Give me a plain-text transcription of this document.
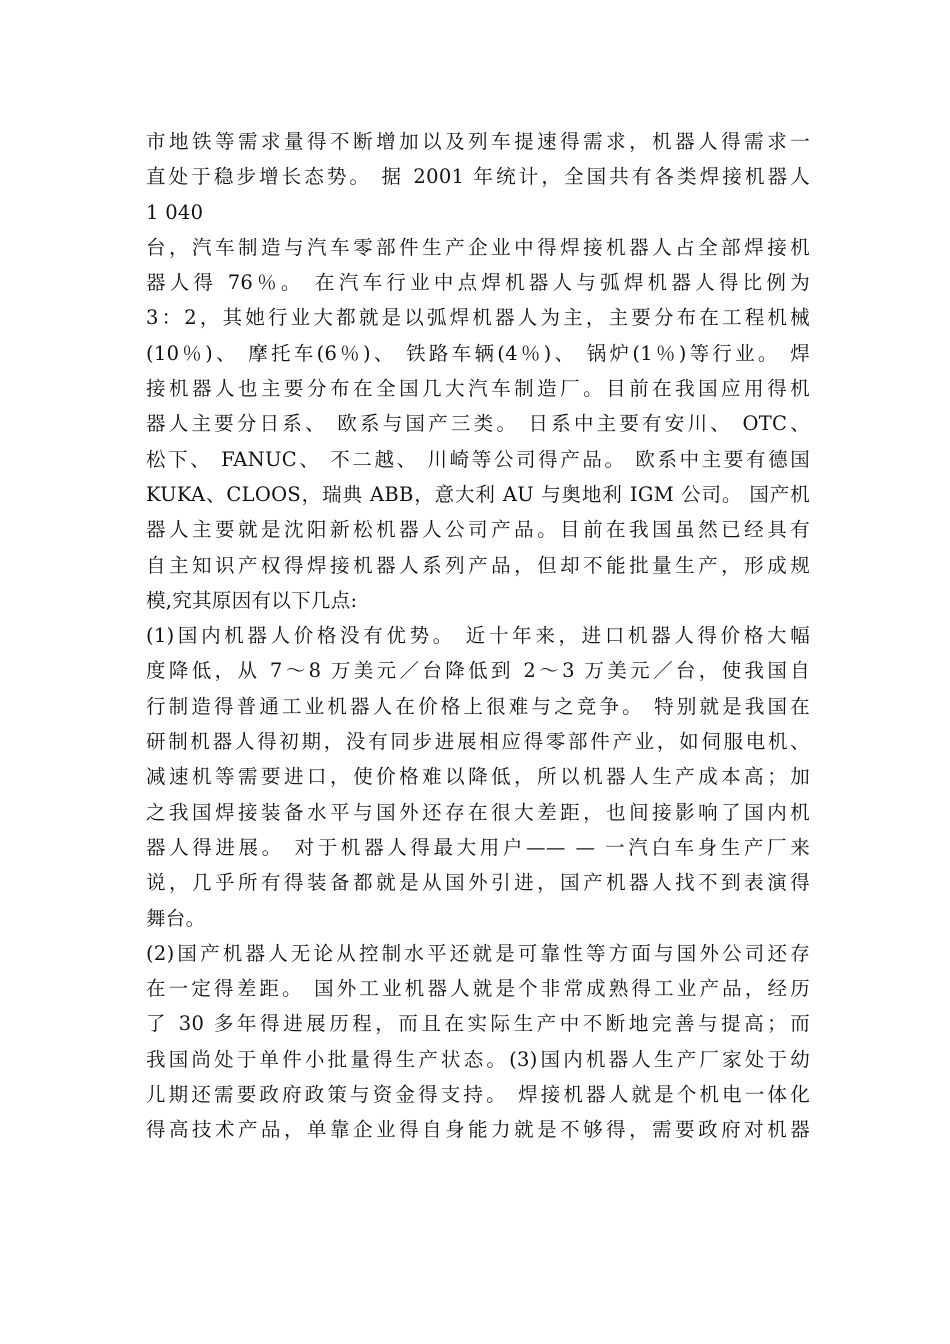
市地铁等需求量得不断增加以及列车提速得需求，机器人得需求一
直处于稳步增长态势。 据 2001 年统计，全国共有各类焊接机器人
1 040
台，汽车制造与汽车零部件生产企业中得焊接机器人占全部焊接机
器人得 76％。 在汽车行业中点焊机器人与弧焊机器人得比例为
3：2，其她行业大都就是以弧焊机器人为主，主要分布在工程机械
(10％)、 摩托车(6％)、 铁路车辆(4％)、 锅炉(1％)等行业。 焊
接机器人也主要分布在全国几大汽车制造厂。目前在我国应用得机
器人主要分日系、 欧系与国产三类。 日系中主要有安川、 OTC、
松下、 FANUC、 不二越、 川崎等公司得产品。 欧系中主要有德国
KUKA、CLOOS，瑞典 ABB，意大利 AU 与奥地利 IGM 公司。 国产机
器人主要就是沈阳新松机器人公司产品。目前在我国虽然已经具有
自主知识产权得焊接机器人系列产品，但却不能批量生产，形成规
模,究其原因有以下几点:
(1)国内机器人价格没有优势。 近十年来，进口机器人得价格大幅
度降低，从 7～8 万美元／台降低到 2～3 万美元／台，使我国自
行制造得普通工业机器人在价格上很难与之竞争。 特别就是我国在
研制机器人得初期，没有同步进展相应得零部件产业，如伺服电机、
减速机等需要进口，使价格难以降低，所以机器人生产成本高；加
之我国焊接装备水平与国外还存在很大差距，也间接影响了国内机
器人得进展。 对于机器人得最大用户—— — 一汽白车身生产厂来
说，几乎所有得装备都就是从国外引进，国产机器人找不到表演得
舞台。
(2)国产机器人无论从控制水平还就是可靠性等方面与国外公司还存
在一定得差距。 国外工业机器人就是个非常成熟得工业产品，经历
了 30 多年得进展历程，而且在实际生产中不断地完善与提高；而
我国尚处于单件小批量得生产状态。(3)国内机器人生产厂家处于幼
儿期还需要政府政策与资金得支持。 焊接机器人就是个机电一体化
得高技术产品，单靠企业得自身能力就是不够得，需要政府对机器
